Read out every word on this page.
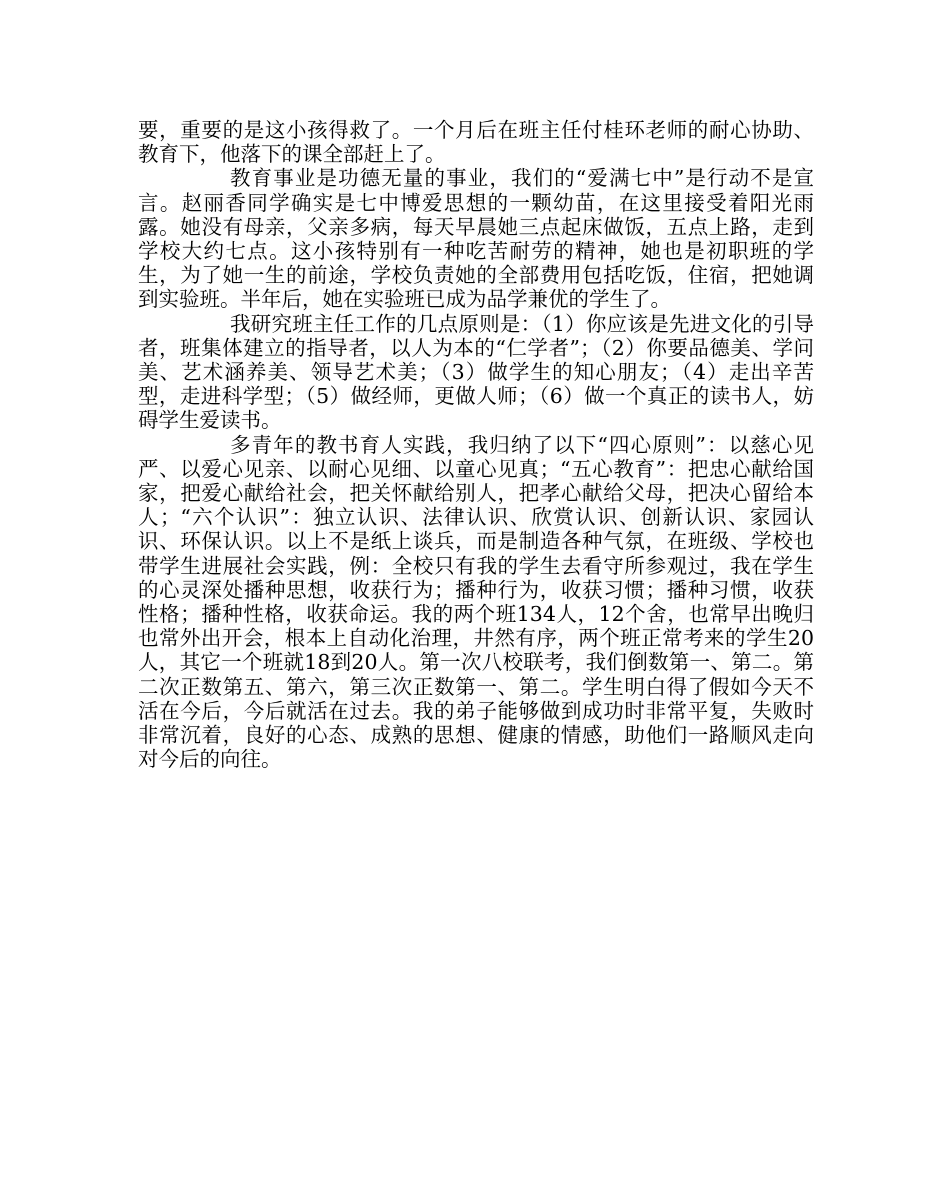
要，重要的是这小孩得救了。一个月后在班主任付桂环老师的耐心协助、教育下，他落下的课全部赶上了。

教育事业是功德无量的事业，我们的“爱满七中”是行动不是宣言。赵丽香同学确实是七中博爱思想的一颗幼苗，在这里接受着阳光雨露。她没有母亲，父亲多病，每天早晨她三点起床做饭，五点上路，走到学校大约七点。这小孩特别有一种吃苦耐劳的精神，她也是初职班的学生，为了她一生的前途，学校负责她的全部费用包括吃饭，住宿，把她调到实验班。半年后，她在实验班已成为品学兼优的学生了。

我研究班主任工作的几点原则是：（1）你应该是先进文化的引导者，班集体建立的指导者，以人为本的“仁学者”；（2）你要品德美、学问美、艺术涵养美、领导艺术美；（3）做学生的知心朋友；（4）走出辛苦型，走进科学型；（5）做经师，更做人师；（6）做一个真正的读书人，妨碍学生爱读书。

多青年的教书育人实践，我归纳了以下“四心原则”：以慈心见严、以爱心见亲、以耐心见细、以童心见真；“五心教育”：把忠心献给国家，把爱心献给社会，把关怀献给别人，把孝心献给父母，把决心留给本人；“六个认识”：独立认识、法律认识、欣赏认识、创新认识、家园认识、环保认识。以上不是纸上谈兵，而是制造各种气氛，在班级、学校也带学生进展社会实践，例：全校只有我的学生去看守所参观过，我在学生的心灵深处播种思想，收获行为；播种行为，收获习惯；播种习惯，收获性格；播种性格，收获命运。我的两个班134人，12个舍，也常早出晚归也常外出开会，根本上自动化治理，井然有序，两个班正常考来的学生20人，其它一个班就18到20人。第一次八校联考，我们倒数第一、第二。第二次正数第五、第六，第三次正数第一、第二。学生明白得了假如今天不活在今后，今后就活在过去。我的弟子能够做到成功时非常平复，失败时非常沉着，良好的心态、成熟的思想、健康的情感，助他们一路顺风走向对今后的向往。
